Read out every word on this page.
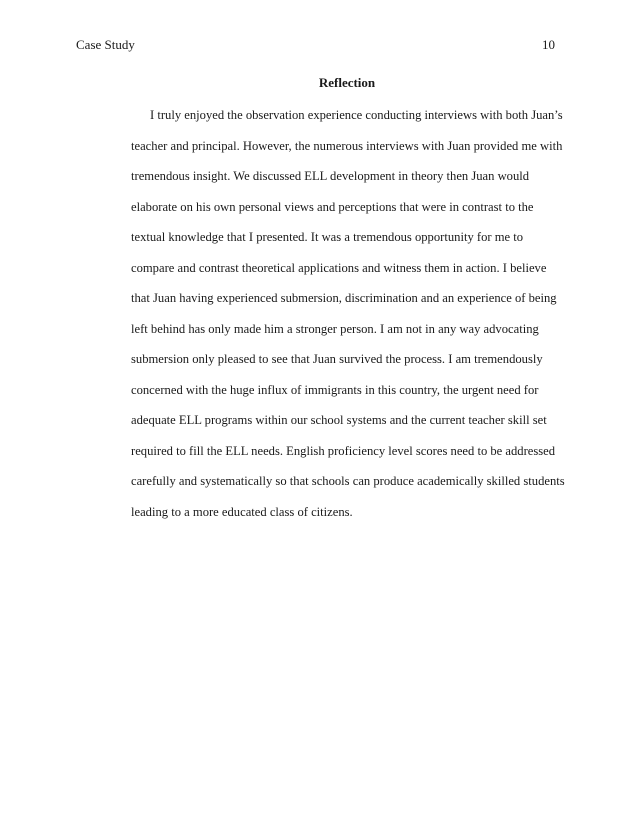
Case Study	10
Reflection
I truly enjoyed the observation experience conducting interviews with both Juan’s
teacher and principal. However, the numerous interviews with Juan provided me with
tremendous insight. We discussed ELL development in theory then Juan would
elaborate on his own personal views and perceptions that were in contrast to the
textual knowledge that I presented. It was a tremendous opportunity for me to
compare and contrast theoretical applications and witness them in action. I believe
that Juan having experienced submersion, discrimination and an experience of being
left behind has only made him a stronger person. I am not in any way advocating
submersion only pleased to see that Juan survived the process. I am tremendously
concerned with the huge influx of immigrants in this country, the urgent need for
adequate ELL programs within our school systems and the current teacher skill set
required to fill the ELL needs. English proficiency level scores need to be addressed
carefully and systematically so that schools can produce academically skilled students
leading to a more educated class of citizens.
